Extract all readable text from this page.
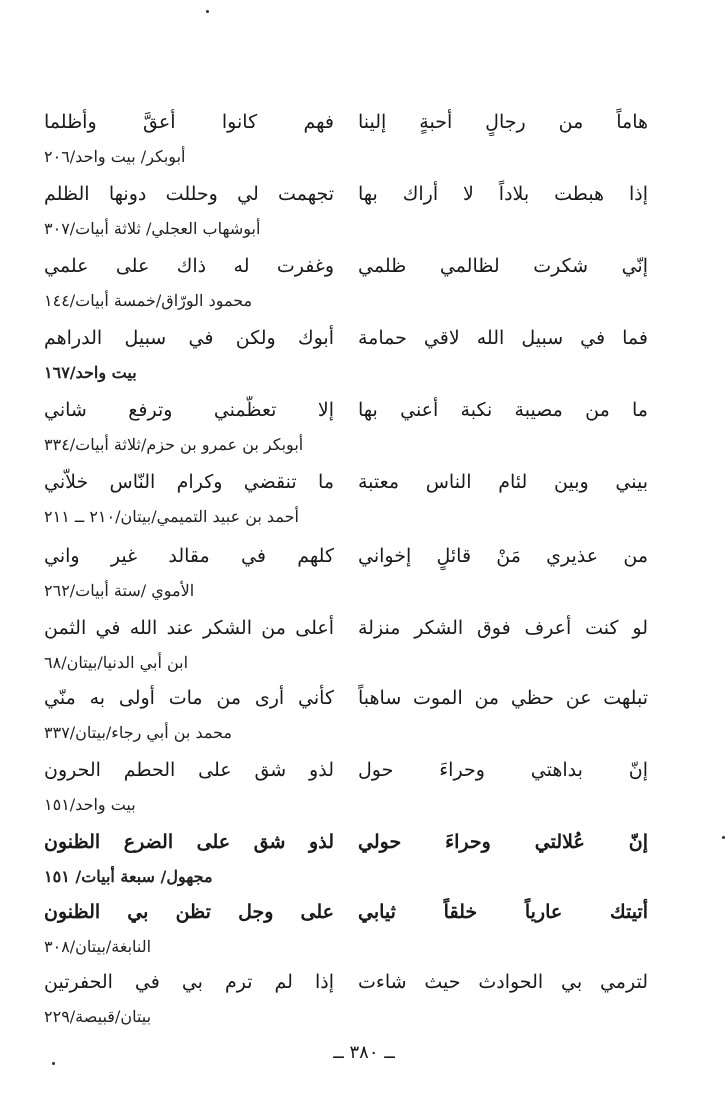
هاماً من رجالٍ أحبةٍ إلينا
فهم كانوا أعقَّ وأظلما
أبوبكر/ بيت واحد/٢٠٦
إذا هبطت بلاداً لا أراك بها
تجهمت لي وحللت دونها الظلم
أبوشهاب العجلي/ ثلاثة أبيات/٣٠٧
إنّي شكرت لظالمي ظلمي
وغفرت له ذاك على علمي
محمود الورّاق/خمسة أبيات/١٤٤
فما في سبيل الله لاقي حمامة
أبوك ولكن في سبيل الدراهم
بيت واحد/١٦٧
ما من مصيبة نكبة أعني بها
إلا تعظّمني وترفع شاني
أبوبكر بن عمرو بن حزم/ثلاثة أبيات/٣٣٤
بيني وبين لئام الناس معتبة
ما تنقضي وكرام النّاس خلاّني
أحمد بن عبيد التميمي/بيتان/٢١٠ ــ ٢١١
من عذيري مَنْ قائلٍ إخواني
كلهم في مقالد غير واني
الأموي /ستة أبيات/٢٦٢
لو كنت أعرف فوق الشكر منزلة
أعلى من الشكر عند الله في الثمن
ابن أبي الدنيا/بيتان/٦٨
تبلهت عن حظي من الموت ساهباً
كأني أرى من مات أولى به منّي
محمد بن أبي رجاء/بيتان/٣٣٧
إنّ بداهتي وحراءَ حول
لذو شق على الحطم الحرون
بيت واحد/١٥١
إنّ عُلالتي وحراءَ حولي
لذو شق على الضرع الظنون
مجهول/ سبعة أبيات/ ١٥١
أتيتك عارياً خلقاً ثيابي
على وجل تظن بي الظنون
النابغة/بيتان/٣٠٨
لترمي بي الحوادث حيث شاءت
إذا لم ترم بي في الحفرتين
بيتان/قبيصة/٢٢٩
ــ ٣٨٠ ــ
